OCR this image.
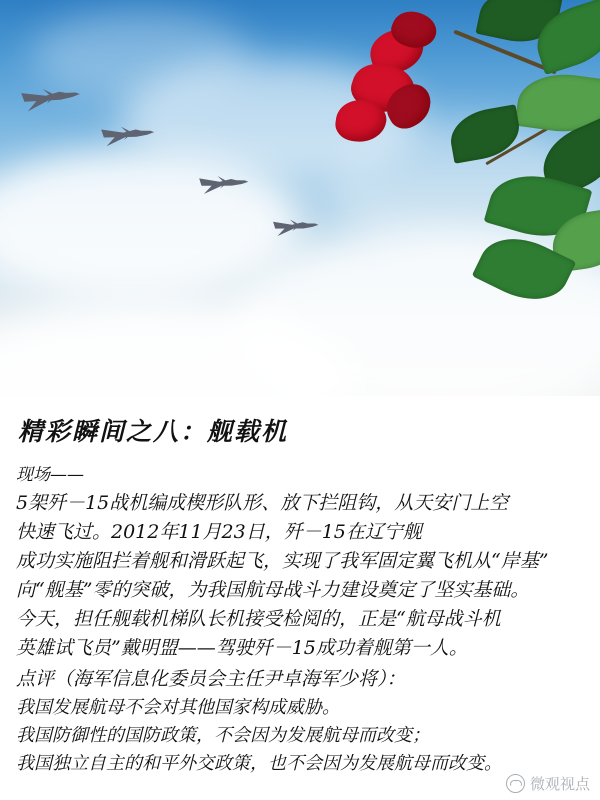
精彩瞬间之八：舰载机
现场——
5架歼－15战机编成楔形队形、放下拦阻钩，从天安门上空
快速飞过。2012年11月23日，歼－15在辽宁舰
成功实施阻拦着舰和滑跃起飞，实现了我军固定翼飞机从“岸基”
向“舰基”零的突破，为我国航母战斗力建设奠定了坚实基础。
今天，担任舰载机梯队长机接受检阅的，正是“航母战斗机
英雄试飞员”戴明盟——驾驶歼－15成功着舰第一人。
点评（海军信息化委员会主任尹卓海军少将）：
我国发展航母不会对其他国家构成威胁。
我国防御性的国防政策，不会因为发展航母而改变；
我国独立自主的和平外交政策，也不会因为发展航母而改变。
微观视点
